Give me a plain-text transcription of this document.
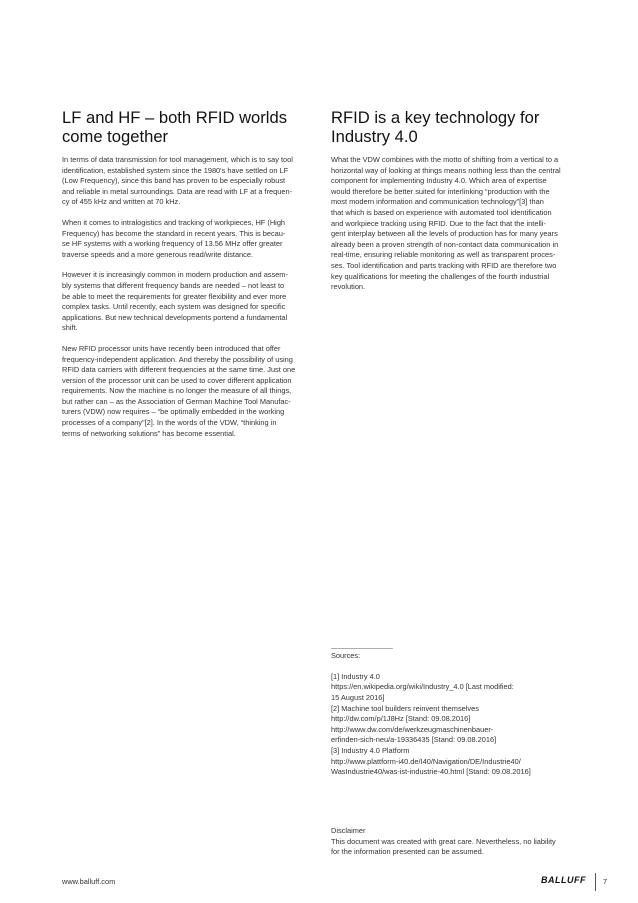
LF and HF – both RFID worlds
come together

In terms of data transmission for tool management, which is to say tool
identification, established system since the 1980's have settled on LF
(Low Frequency), since this band has proven to be especially robust
and reliable in metal surroundings. Data are read with LF at a frequen-
cy of 455 kHz and written at 70 kHz.

When it comes to intralogistics and tracking of workpieces, HF (High
Frequency) has become the standard in recent years. This is becau-
se HF systems with a working frequency of 13.56 MHz offer greater
traverse speeds and a more generous read/write distance.

However it is increasingly common in modern production and assem-
bly systems that different frequency bands are needed – not least to
be able to meet the requirements for greater flexibility and ever more
complex tasks. Until recently, each system was designed for specific
applications. But new technical developments portend a fundamental
shift.

New RFID processor units have recently been introduced that offer
frequency-independent application. And thereby the possibility of using
RFID data carriers with different frequencies at the same time. Just one
version of the processor unit can be used to cover different application
requirements. Now the machine is no longer the measure of all things,
but rather can – as the Association of German Machine Tool Manufac-
turers (VDW) now requires – “be optimally embedded in the working
processes of a company”[2]. In the words of the VDW, “thinking in
terms of networking solutions” has become essential.

RFID is a key technology for
Industry 4.0

What the VDW combines with the motto of shifting from a vertical to a
horizontal way of looking at things means nothing less than the central
component for implementing Industry 4.0. Which area of expertise
would therefore be better suited for interlinking “production with the
most modern information and communication technology”[3] than
that which is based on experience with automated tool identification
and workpiece tracking using RFID. Due to the fact that the intelli-
gent interplay between all the levels of production has for many years
already been a proven strength of non-contact data communication in
real-time, ensuring reliable monitoring as well as transparent proces-
ses. Tool identification and parts tracking with RFID are therefore two
key qualifications for meeting the challenges of the fourth industrial
revolution.

_________________
Sources:

[1] Industry 4.0
https://en.wikipedia.org/wiki/Industry_4.0 [Last modified:
15 August 2016]

[2] Machine tool builders reinvent themselves
http://dw.com/p/1J8Hz [Stand: 09.08.2016]
http://www.dw.com/de/werkzeugmaschinenbauer-
erfinden-sich-neu/a-19336435 [Stand: 09.08.2016]

[3] Industry 4.0 Platform
http://www.plattform-i40.de/I40/Navigation/DE/Industrie40/
WasIndustrie40/was-ist-industrie-40.html [Stand: 09.08.2016]

Disclaimer
This document was created with great care. Nevertheless, no liability
for the information presented can be assumed.
www.balluff.com	BALLUFF 7
